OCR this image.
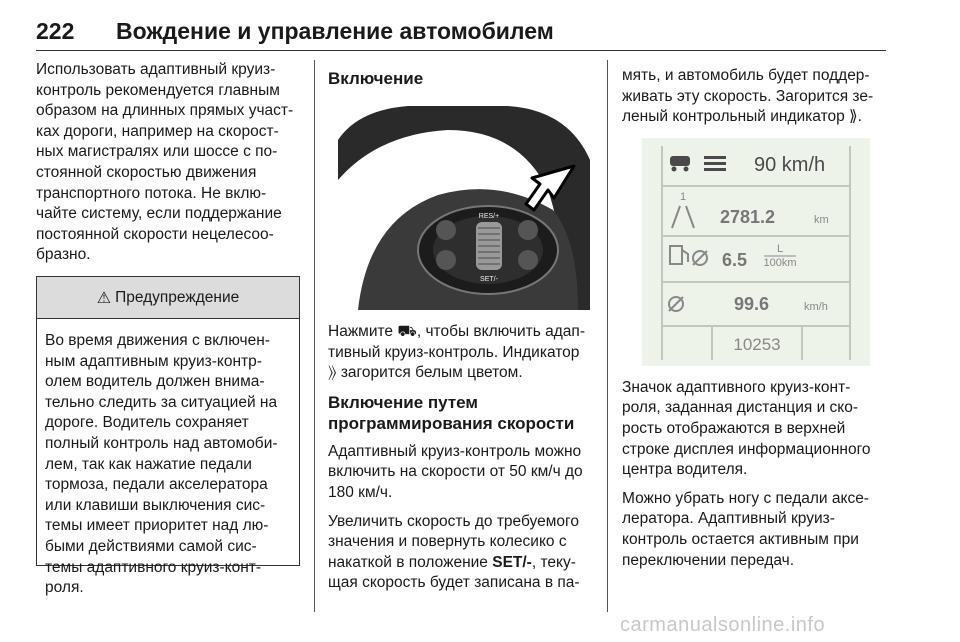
222 Вождение и управление автомобилем

Использовать адаптивный круиз-контроль рекомендуется главным образом на длинных прямых участ-ках дороги, например на скорост-ных магистралях или шоссе с по-стоянной скоростью движения транспортного потока. Не вклю-чайте систему, если поддержание постоянной скорости нецелесоо-бразно.

⚠ Предупреждение
Во время движения с включен-ным адаптивным круиз-контр-олем водитель должен внима-тельно следить за ситуацией на дороге. Водитель сохраняет полный контроль над автомоби-лем, так как нажатие педали тормоза, педали акселератора или клавиши выключения сис-темы имеет приоритет над лю-быми действиями самой сис-темы адаптивного круиз-конт-роля.
Включение
RES/+
SET/-

Нажмите ⛟, чтобы включить адап-тивный круиз-контроль. Индикатор ⟫ загорится белым цветом.

Включение путем программирования скорости

Адаптивный круиз-контроль можно включить на скорости от 50 км/ч до 180 км/ч.

Увеличить скорость до требуемого значения и повернуть колесико с накаткой в положение SET/-, теку-щая скорость будет записана в па-

мять, и автомобиль будет поддер-живать эту скорость. Загорится зе-леный контрольный индикатор ⟫.

90 km/h
1
2781.2	km
6.5
L
100km
99.6	km/h
10253

Значок адаптивного круиз-конт-роля, заданная дистанция и ско-рость отображаются в верхней строке дисплея информационного центра водителя.

Можно убрать ногу с педали аксе-лератора. Адаптивный круиз-контроль остается активным при переключении передач.

carmanualsonline.info
